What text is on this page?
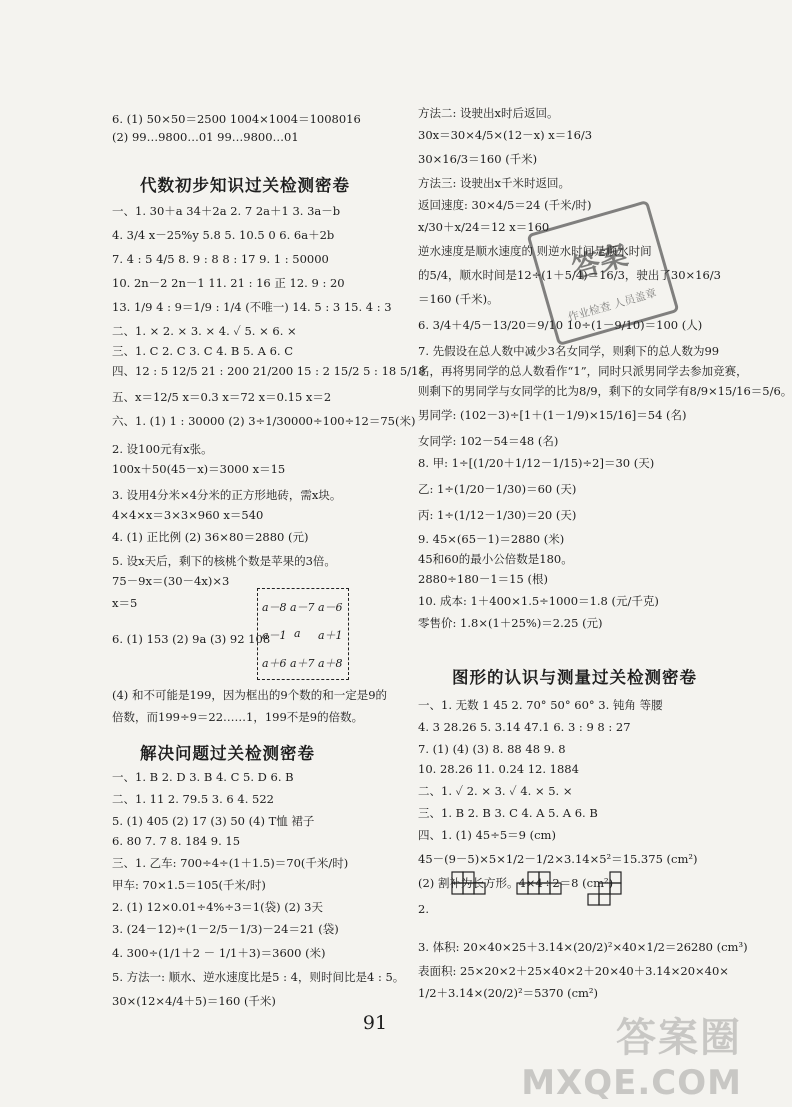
6. (1) 50×50＝2500 1004×1004＝1008016
(2) 99…9800…01 99…9800…01
代数初步知识过关检测密卷
一、1. 30＋a 34＋2a 2. 7 2a＋1 3. 3a－b
4. 3/4 x－25%y 5.8 5. 10.5 0 6. 6a＋2b
7. 4 : 5 4/5 8. 9 : 8 8 : 17 9. 1 : 50000
10. 2n－2 2n－1 11. 21 : 16 正 12. 9 : 20
13. 1/9 4 : 9＝1/9 : 1/4 (不唯一) 14. 5 : 3 15. 4 : 3
二、1. × 2. × 3. × 4. ✓ 5. × 6. ×
三、1. C 2. C 3. C 4. B 5. A 6. C
四、12 : 5 12/5 21 : 200 21/200 15 : 2 15/2 5 : 18 5/18
五、x＝12/5 x＝0.3 x＝72 x＝0.15 x＝2
六、1. (1) 1 : 30000 (2) 3÷1/30000÷100÷12＝75(米)
2. 设100元有x张。
100x＋50(45－x)＝3000 x＝15
3. 设用4分米×4分米的正方形地砖，需x块。
4×4×x＝3×3×960 x＝540
4. (1) 正比例 (2) 36×80＝2880 (元)
5. 设x天后，剩下的核桃个数是苹果的3倍。
75－9x＝(30－4x)×3
x＝5
6. (1) 153 (2) 9a (3) 92 108
(4) 和不可能是199，因为框出的9个数的和一定是9的
倍数，而199÷9＝22……1，199不是9的倍数。
解决问题过关检测密卷
一、1. B 2. D 3. B 4. C 5. D 6. B
二、1. 11 2. 79.5 3. 6 4. 522
5. (1) 405 (2) 17 (3) 50 (4) T恤 裙子
6. 80 7. 7 8. 184 9. 15
三、1. 乙车: 700÷4÷(1＋1.5)＝70(千米/时)
甲车: 70×1.5＝105(千米/时)
2. (1) 12×0.01÷4%÷3＝1(袋) (2) 3天
3. (24－12)÷(1－2/5－1/3)－24＝21 (袋)
4. 300÷(1/1＋2 － 1/1＋3)＝3600 (米)
5. 方法一: 顺水、逆水速度比是5 : 4，则时间比是4 : 5。
30×(12×4/4＋5)＝160 (千米)
方法二: 设驶出x时后返回。
30x＝30×4/5×(12－x) x＝16/3
30×16/3＝160 (千米)
方法三: 设驶出x千米时返回。
返回速度: 30×4/5＝24 (千米/时)
x/30＋x/24＝12 x＝160
逆水速度是顺水速度的 则逆水时间是顺水时间
的5/4，顺水时间是12÷(1＋5/4)＝16/3，驶出了30×16/3
＝160 (千米)。
6. 3/4＋4/5－13/20＝9/10 10÷(1－9/10)＝100 (人)
7. 先假设在总人数中减少3名女同学，则剩下的总人数为99
名，再将男同学的总人数看作“1”，同时只派男同学去参加竞赛，
则剩下的男同学与女同学的比为8/9，剩下的女同学有8/9×15/16＝5/6。
男同学: (102－3)÷[1＋(1－1/9)×15/16]＝54 (名)
女同学: 102－54＝48 (名)
8. 甲: 1÷[(1/20＋1/12－1/15)÷2]＝30 (天)
乙: 1÷(1/20－1/30)＝60 (天)
丙: 1÷(1/12－1/30)＝20 (天)
9. 45×(65－1)＝2880 (米)
45和60的最小公倍数是180。
2880÷180－1＝15 (根)
10. 成本: 1＋400×1.5÷1000＝1.8 (元/千克)
零售价: 1.8×(1＋25%)＝2.25 (元)
图形的认识与测量过关检测密卷
一、1. 无数 1 45 2. 70° 50° 60° 3. 钝角 等腰
4. 3 28.26 5. 3.14 47.1 6. 3 : 9 8 : 27
7. (1) (4) (3) 8. 88 48 9. 8
10. 28.26 11. 0.24 12. 1884
二、1. ✓ 2. × 3. ✓ 4. × 5. ×
三、1. B 2. B 3. C 4. A 5. A 6. B
四、1. (1) 45÷5＝9 (cm)
45－(9－5)×5×1/2－1/2×3.14×5²＝15.375 (cm²)
(2) 割补为长方形。4×4÷2＝8 (cm²)
2.
3. 体积: 20×40×25＋3.14×(20/2)²×40×1/2＝26280 (cm³)
表面积: 25×20×2＋25×40×2＋20×40＋3.14×20×40×
1/2＋3.14×(20/2)²＝5370 (cm²)
a－8 a－7 a－6
a－1 a a＋1
a＋6 a＋7 a＋8
答案
作业检查 人员盖章
91	答案圈
MXQE.COM
